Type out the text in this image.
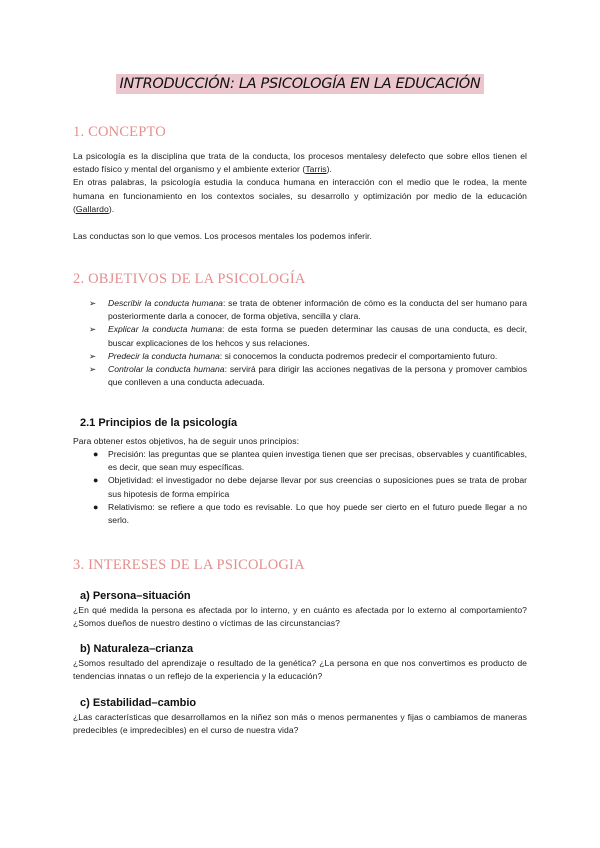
INTRODUCCIÓN: LA PSICOLOGÍA EN LA EDUCACIÓN
1. CONCEPTO

La psicología es la disciplina que trata de la conducta, los procesos mentalesy delefecto que sobre ellos tienen el estado físico y mental del organismo y el ambiente exterior (Tarris).
En otras palabras, la psicología estudia la conduca humana en interacción con el medio que le rodea, la mente humana en funcionamiento en los contextos sociales, su desarrollo y optimización por medio de la educación (Gallardo).

Las conductas son lo que vemos. Los procesos mentales los podemos inferir.

2. OBJETIVOS DE LA PSICOLOGÍA
➢ Describir la conducta humana: se trata de obtener información de cómo es la conducta del ser humano para posteriormente darla a conocer, de forma objetiva, sencilla y clara.
➢ Explicar la conducta humana: de esta forma se pueden determinar las causas de una conducta, es decir, buscar explicaciones de los hehcos y sus relaciones.
➢ Predecir la conducta humana: si conocemos la conducta podremos predecir el comportamiento futuro.
➢ Controlar la conducta humana: servirá para dirigir las acciones negativas de la persona y promover cambios que conlleven a una conducta adecuada.
2.1 Principios de la psicología

Para obtener estos objetivos, ha de seguir unos principios:

● Precisión: las preguntas que se plantea quien investiga tienen que ser precisas, observables y cuantificables, es decir, que sean muy específicas.
● Objetividad: el investigador no debe dejarse llevar por sus creencias o suposiciones pues se trata de probar sus hipotesis de forma empírica
● Relativismo: se refiere a que todo es revisable. Lo que hoy puede ser cierto en el futuro puede llegar a no serlo.
3. INTERESES DE LA PSICOLOGIA
a) Persona–situación

¿En qué medida la persona es afectada por lo interno, y en cuánto es afectada por lo externo al comportamiento? ¿Somos dueños de nuestro destino o víctimas de las circunstancias?

b) Naturaleza–crianza

¿Somos resultado del aprendizaje o resultado de la genética? ¿La persona en que nos convertimos es producto de tendencias innatas o un reflejo de la experiencia y la educación?

c) Estabilidad–cambio

¿Las características que desarrollamos en la niñez son más o menos permanentes y fijas o cambiamos de maneras predecibles (e impredecibles) en el curso de nuestra vida?
